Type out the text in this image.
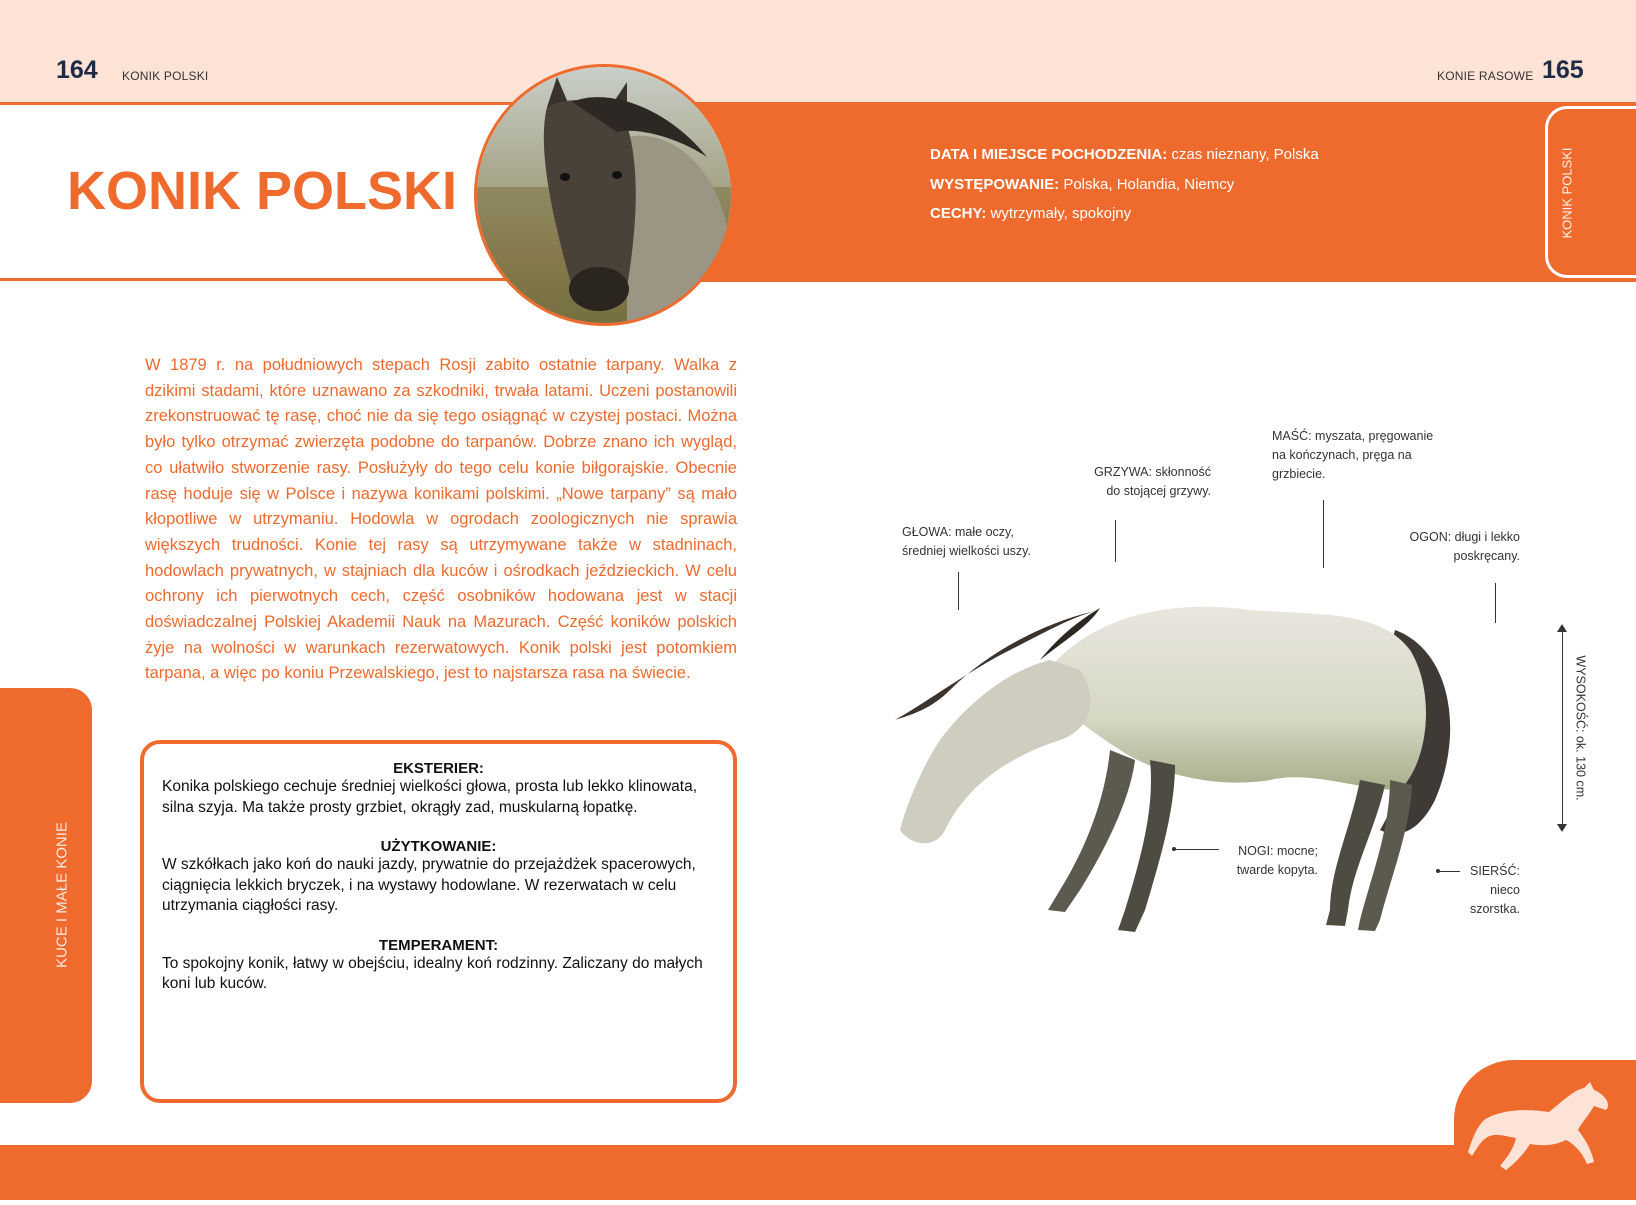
164 KONIK POLSKI	KONIE RASOWE 165
KONIK POLSKI
DATA I MIEJSCE POCHODZENIA: czas nieznany, Polska
WYSTĘPOWANIE: Polska, Holandia, Niemcy
CECHY: wytrzymały, spokojny	KONIK POLSKI
W 1879 r. na południowych stepach Rosji zabito ostatnie tarpany. Walka z dzikimi stadami, które uznawano za szkodniki, trwała latami. Uczeni postanowili zrekonstruować tę rasę, choć nie da się tego osiągnąć w czystej postaci. Można było tylko otrzymać zwierzęta podobne do tarpanów. Dobrze znano ich wygląd, co ułatwiło stworzenie rasy. Posłużyły do tego celu konie biłgorajskie. Obecnie rasę hoduje się w Polsce i nazywa konikami polskimi. „Nowe tarpany” są mało kłopotliwe w utrzymaniu. Hodowla w ogrodach zoologicznych nie sprawia większych trudności. Konie tej rasy są utrzymywane także w stadninach, hodowlach prywatnych, w stajniach dla kuców i ośrodkach jeździeckich. W celu ochrony ich pierwotnych cech, część osobników hodowana jest w stacji doświadczalnej Polskiej Akademii Nauk na Mazurach. Część koników polskich żyje na wolności w warunkach rezerwatowych. Konik polski jest potomkiem tarpana, a więc po koniu Przewalskiego, jest to najstarsza rasa na świecie.

EKSTERIER:

Konika polskiego cechuje średniej wielkości głowa, prosta lub lekko klinowata, silna szyja. Ma także prosty grzbiet, okrągły zad, muskularną łopatkę.

UŻYTKOWANIE:

W szkółkach jako koń do nauki jazdy, prywatnie do przejażdżek spacerowych, ciągnięcia lekkich bryczek, i na wystawy hodowlane. W rezerwatach w celu utrzymania ciągłości rasy.

TEMPERAMENT:

To spokojny konik, łatwy w obejściu, idealny koń rodzinny. Zaliczany do małych koni lub kuców.

KUCE I MAŁE KONIE
GŁOWA: małe oczy,
średniej wielkości uszy.
GRZYWA: skłonność
do stojącej grzywy.
MAŚĆ: myszata, pręgowanie
na kończynach, pręga na
grzbiecie.
OGON: długi i lekko
poskręcany.
WYSOKOŚĆ: ok. 130 cm.
NOGI: mocne;
twarde kopyta.	SIERŚĆ:
nieco
szorstka.
